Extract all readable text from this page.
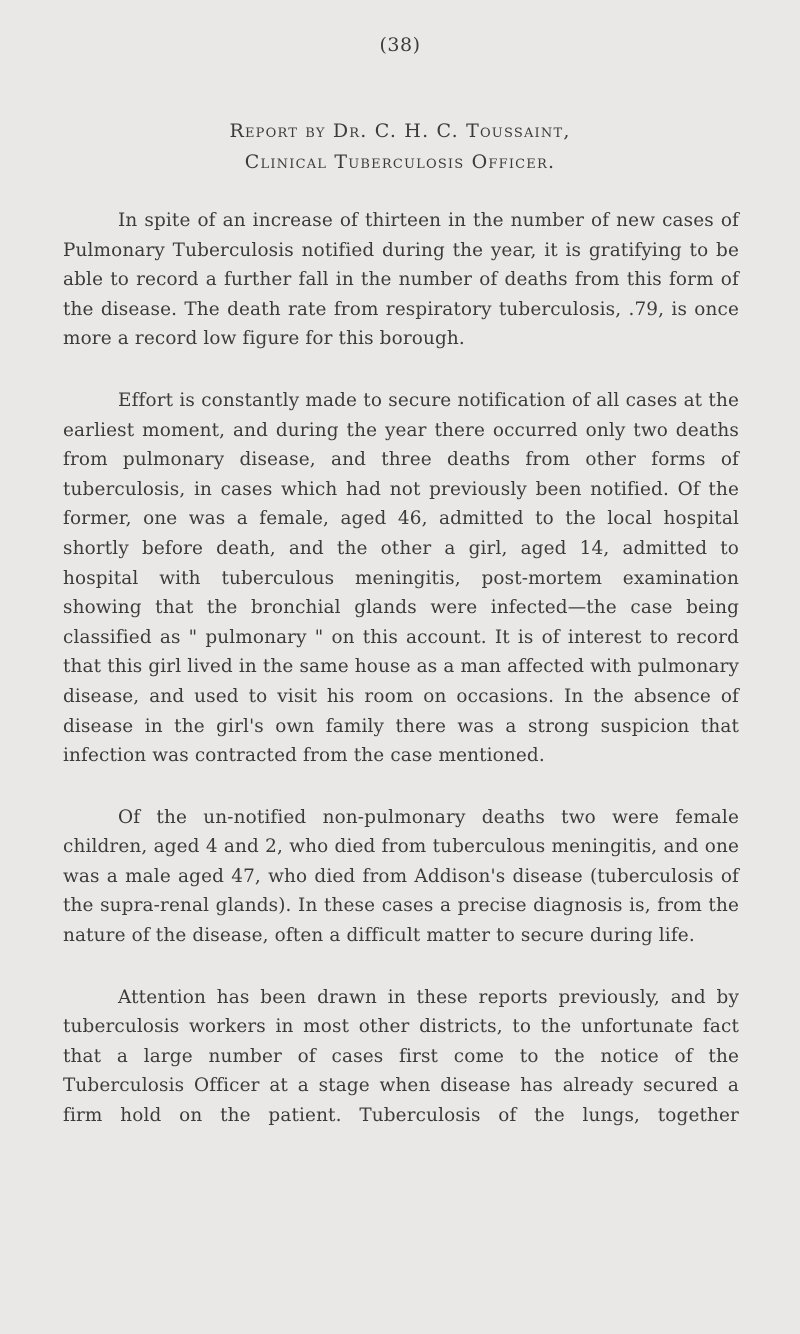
(38)
Report by Dr. C. H. C. Toussaint,
Clinical Tuberculosis Officer.

In spite of an increase of thirteen in the number of new cases of Pulmonary Tuberculosis notified during the year, it is gratifying to be able to record a further fall in the number of deaths from this form of the disease. The death rate from respiratory tuberculosis, .79, is once more a record low figure for this borough.

Effort is constantly made to secure notification of all cases at the earliest moment, and during the year there occurred only two deaths from pulmonary disease, and three deaths from other forms of tuberculosis, in cases which had not previously been notified. Of the former, one was a female, aged 46, admitted to the local hospital shortly before death, and the other a girl, aged 14, admitted to hospital with tuberculous meningitis, post-mortem examination showing that the bronchial glands were infected—the case being classified as " pulmonary " on this account. It is of interest to record that this girl lived in the same house as a man affected with pulmonary disease, and used to visit his room on occasions. In the absence of disease in the girl's own family there was a strong suspicion that infection was contracted from the case mentioned.

Of the un-notified non-pulmonary deaths two were female children, aged 4 and 2, who died from tuberculous meningitis, and one was a male aged 47, who died from Addison's disease (tuberculosis of the supra-renal glands). In these cases a precise diagnosis is, from the nature of the disease, often a difficult matter to secure during life.

Attention has been drawn in these reports previously, and by tuberculosis workers in most other districts, to the unfortunate fact that a large number of cases first come to the notice of the Tuberculosis Officer at a stage when disease has already secured a firm hold on the patient. Tuberculosis of the lungs, together
